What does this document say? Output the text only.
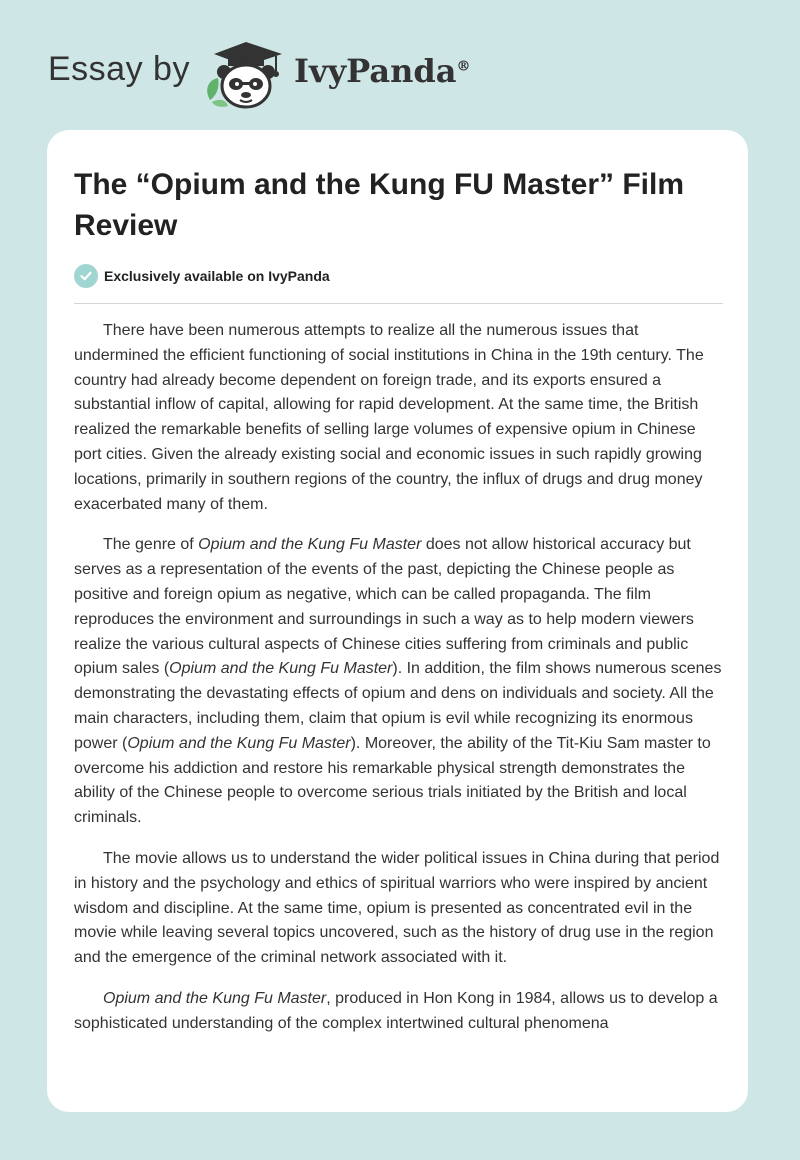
Essay by	IvyPanda®
The “Opium and the Kung FU Master” Film Review
Exclusively available on IvyPanda

There have been numerous attempts to realize all the numerous issues that undermined the efficient functioning of social institutions in China in the 19th century. The country had already become dependent on foreign trade, and its exports ensured a substantial inflow of capital, allowing for rapid development. At the same time, the British realized the remarkable benefits of selling large volumes of expensive opium in Chinese port cities. Given the already existing social and economic issues in such rapidly growing locations, primarily in southern regions of the country, the influx of drugs and drug money exacerbated many of them.

The genre of Opium and the Kung Fu Master does not allow historical accuracy but serves as a representation of the events of the past, depicting the Chinese people as positive and foreign opium as negative, which can be called propaganda. The film reproduces the environment and surroundings in such a way as to help modern viewers realize the various cultural aspects of Chinese cities suffering from criminals and public opium sales (Opium and the Kung Fu Master). In addition, the film shows numerous scenes demonstrating the devastating effects of opium and dens on individuals and society. All the main characters, including them, claim that opium is evil while recognizing its enormous power (Opium and the Kung Fu Master). Moreover, the ability of the Tit-Kiu Sam master to overcome his addiction and restore his remarkable physical strength demonstrates the ability of the Chinese people to overcome serious trials initiated by the British and local criminals.

The movie allows us to understand the wider political issues in China during that period in history and the psychology and ethics of spiritual warriors who were inspired by ancient wisdom and discipline. At the same time, opium is presented as concentrated evil in the movie while leaving several topics uncovered, such as the history of drug use in the region and the emergence of the criminal network associated with it.

Opium and the Kung Fu Master, produced in Hon Kong in 1984, allows us to develop a sophisticated understanding of the complex intertwined cultural phenomena
